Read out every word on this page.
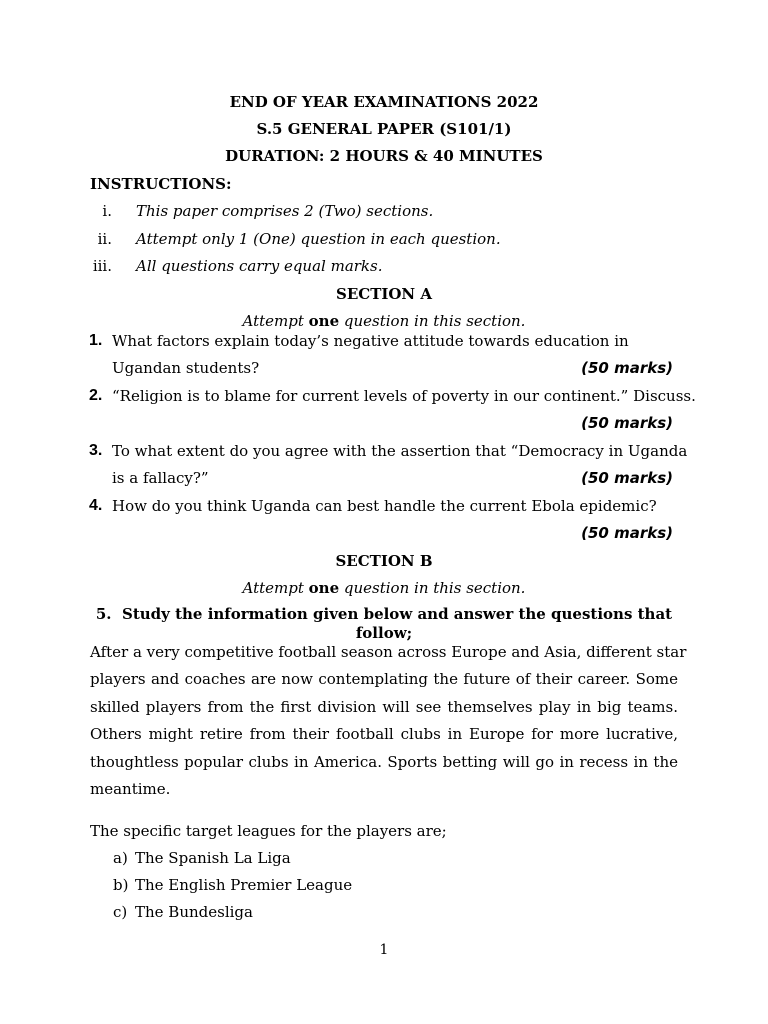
END OF YEAR EXAMINATIONS 2022
S.5 GENERAL PAPER (S101/1)
DURATION: 2 HOURS & 40 MINUTES
INSTRUCTIONS:
i. This paper comprises 2 (Two) sections.
ii. Attempt only 1 (One) question in each question.
iii. All questions carry equal marks.
SECTION A
Attempt one question in this section.
1. What factors explain today’s negative attitude towards education in
Ugandan students?	(50 marks)
2. “Religion is to blame for current levels of poverty in our continent.” Discuss.
(50 marks)
3. To what extent do you agree with the assertion that “Democracy in Uganda
is a fallacy?”	(50 marks)
4. How do you think Uganda can best handle the current Ebola epidemic?
(50 marks)
SECTION B
Attempt one question in this section.
5. Study the information given below and answer the questions that
follow;
After a very competitive football season across Europe and Asia, different star
players and coaches are now contemplating the future of their career. Some
skilled players from the first division will see themselves play in big teams.
Others might retire from their football clubs in Europe for more lucrative,
thoughtless popular clubs in America. Sports betting will go in recess in the
meantime.
The specific target leagues for the players are;
a) The Spanish La Liga
b) The English Premier League
c) The Bundesliga
1
